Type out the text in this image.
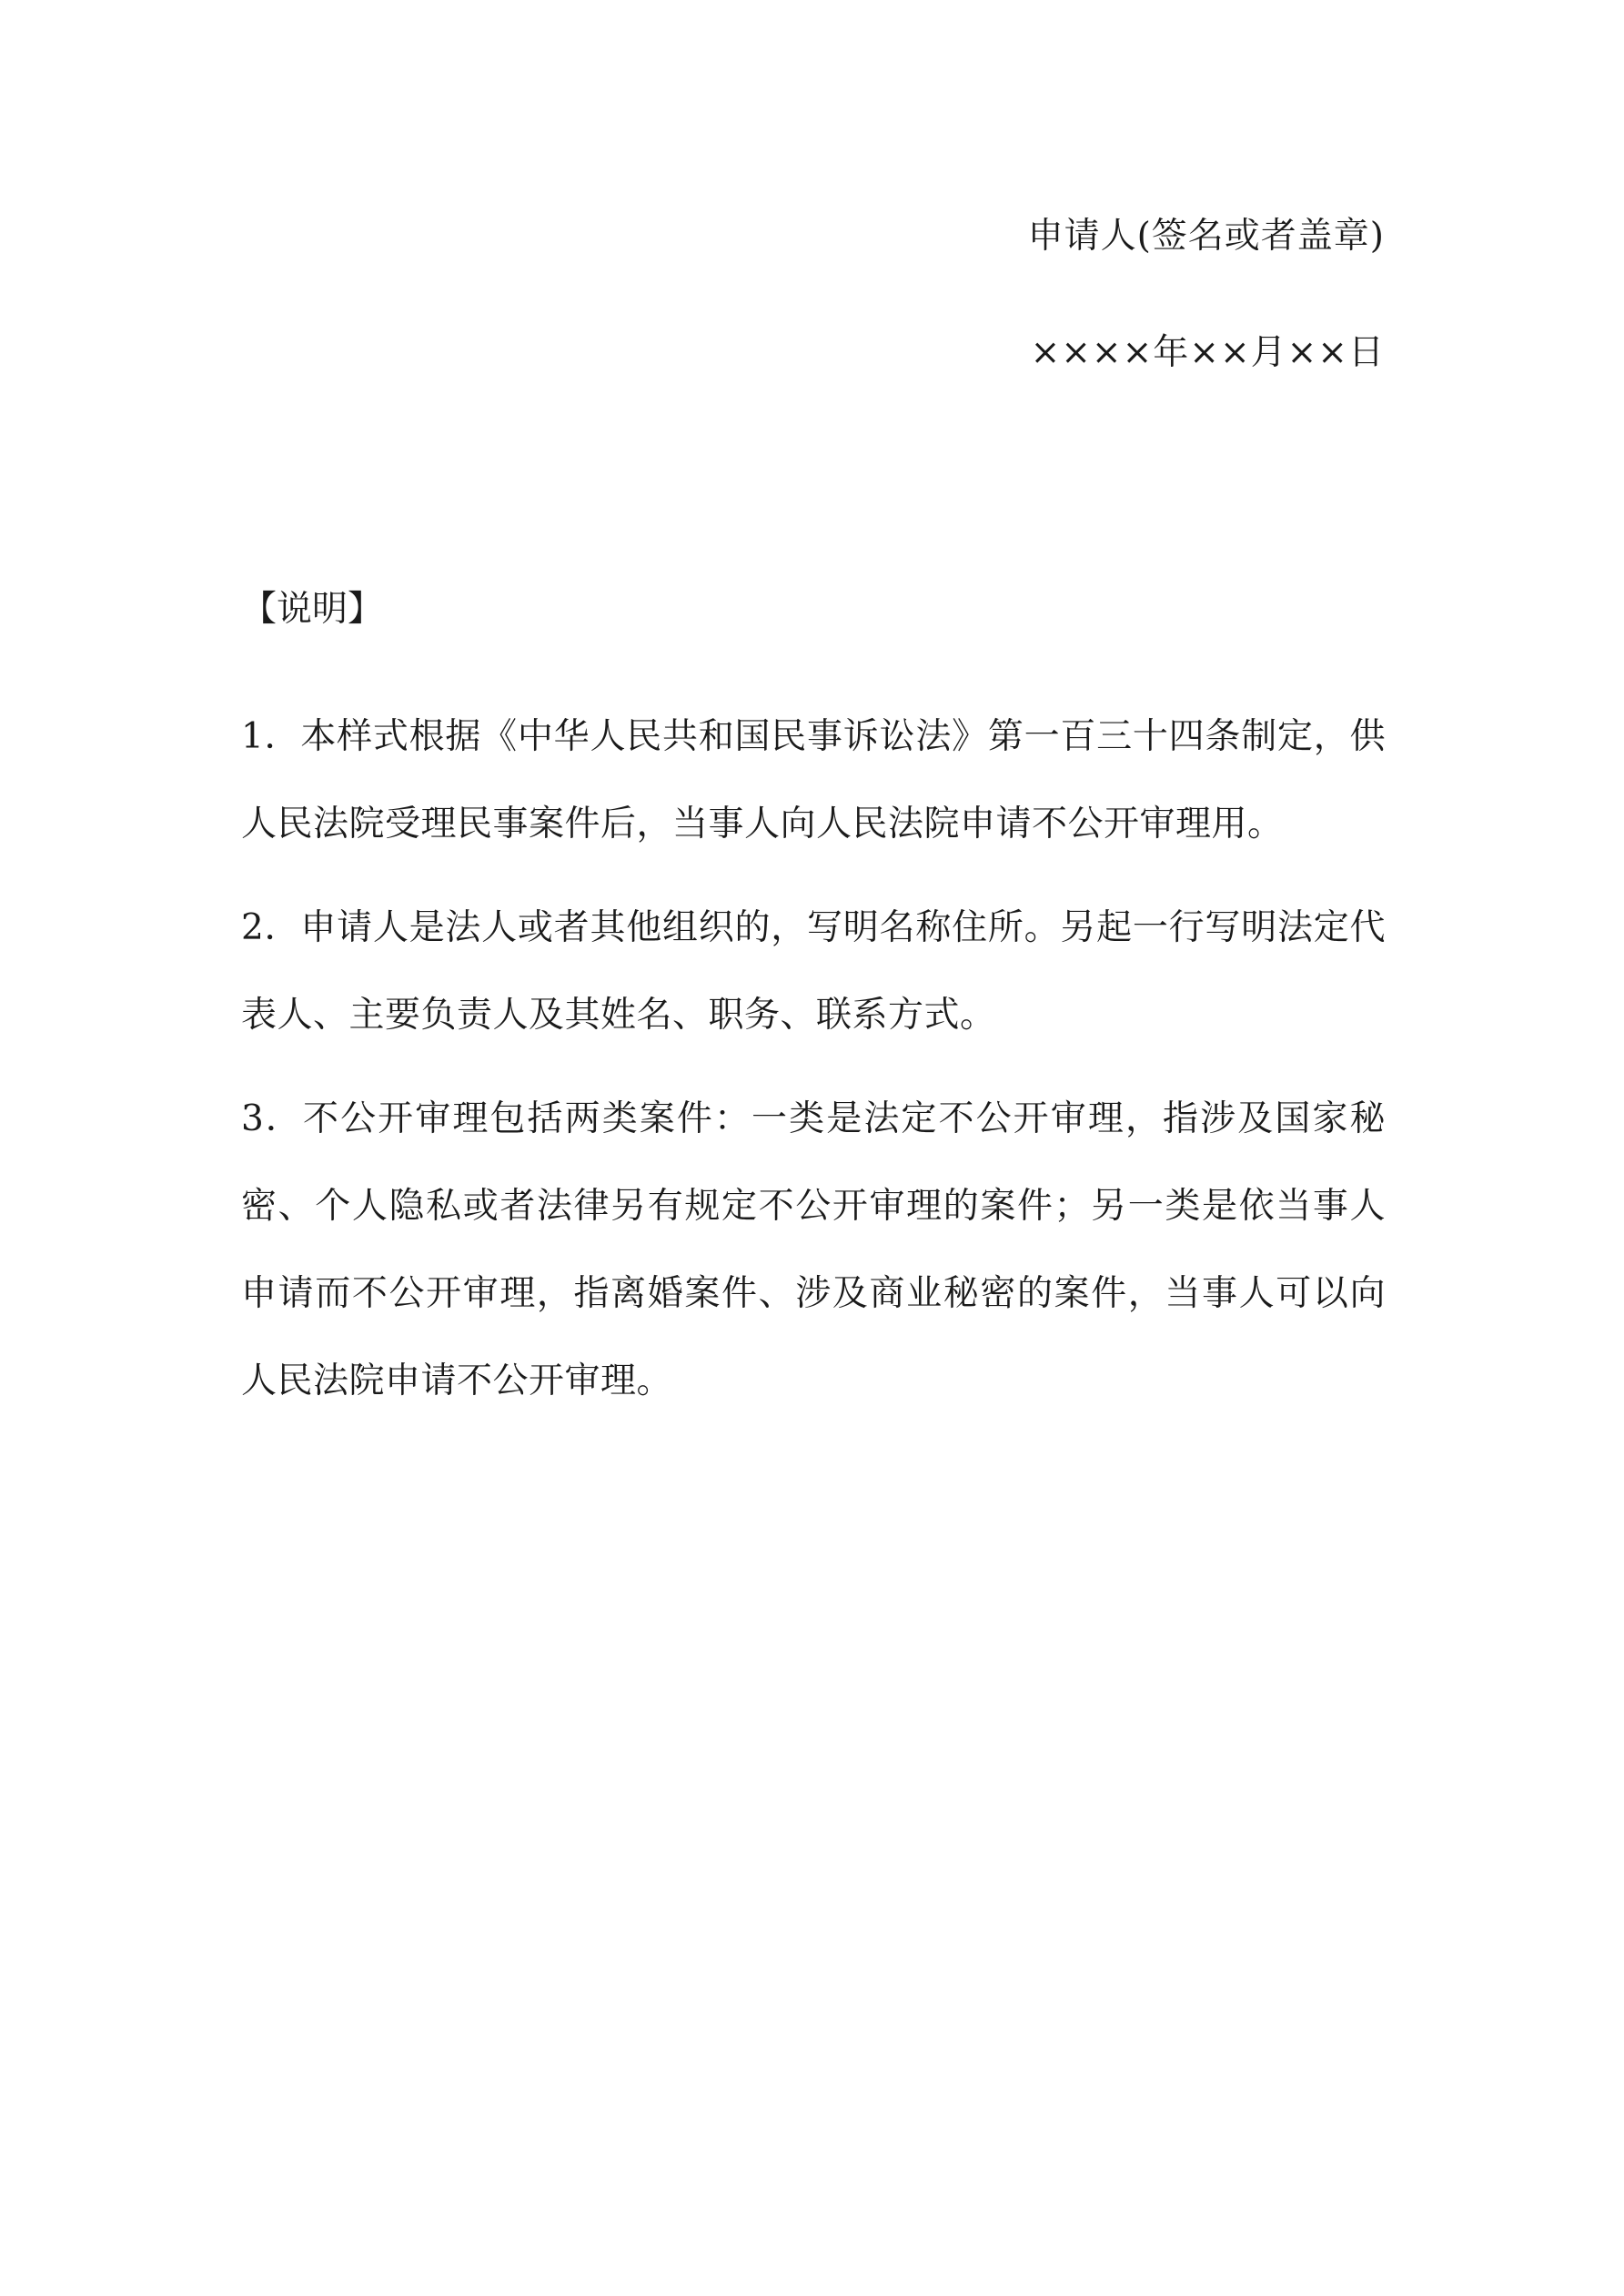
申请人(签名或者盖章)
××××年××月××日
【说明】

1．本样式根据《中华人民共和国民事诉讼法》第一百三十四条制定，供人民法院受理民事案件后，当事人向人民法院申请不公开审理用。

2．申请人是法人或者其他组织的，写明名称住所。另起一行写明法定代表人、主要负责人及其姓名、职务、联系方式。

3．不公开审理包括两类案件：一类是法定不公开审理，指涉及国家秘密、个人隐私或者法律另有规定不公开审理的案件；另一类是依当事人申请而不公开审理，指离婚案件、涉及商业秘密的案件，当事人可以向人民法院申请不公开审理。
